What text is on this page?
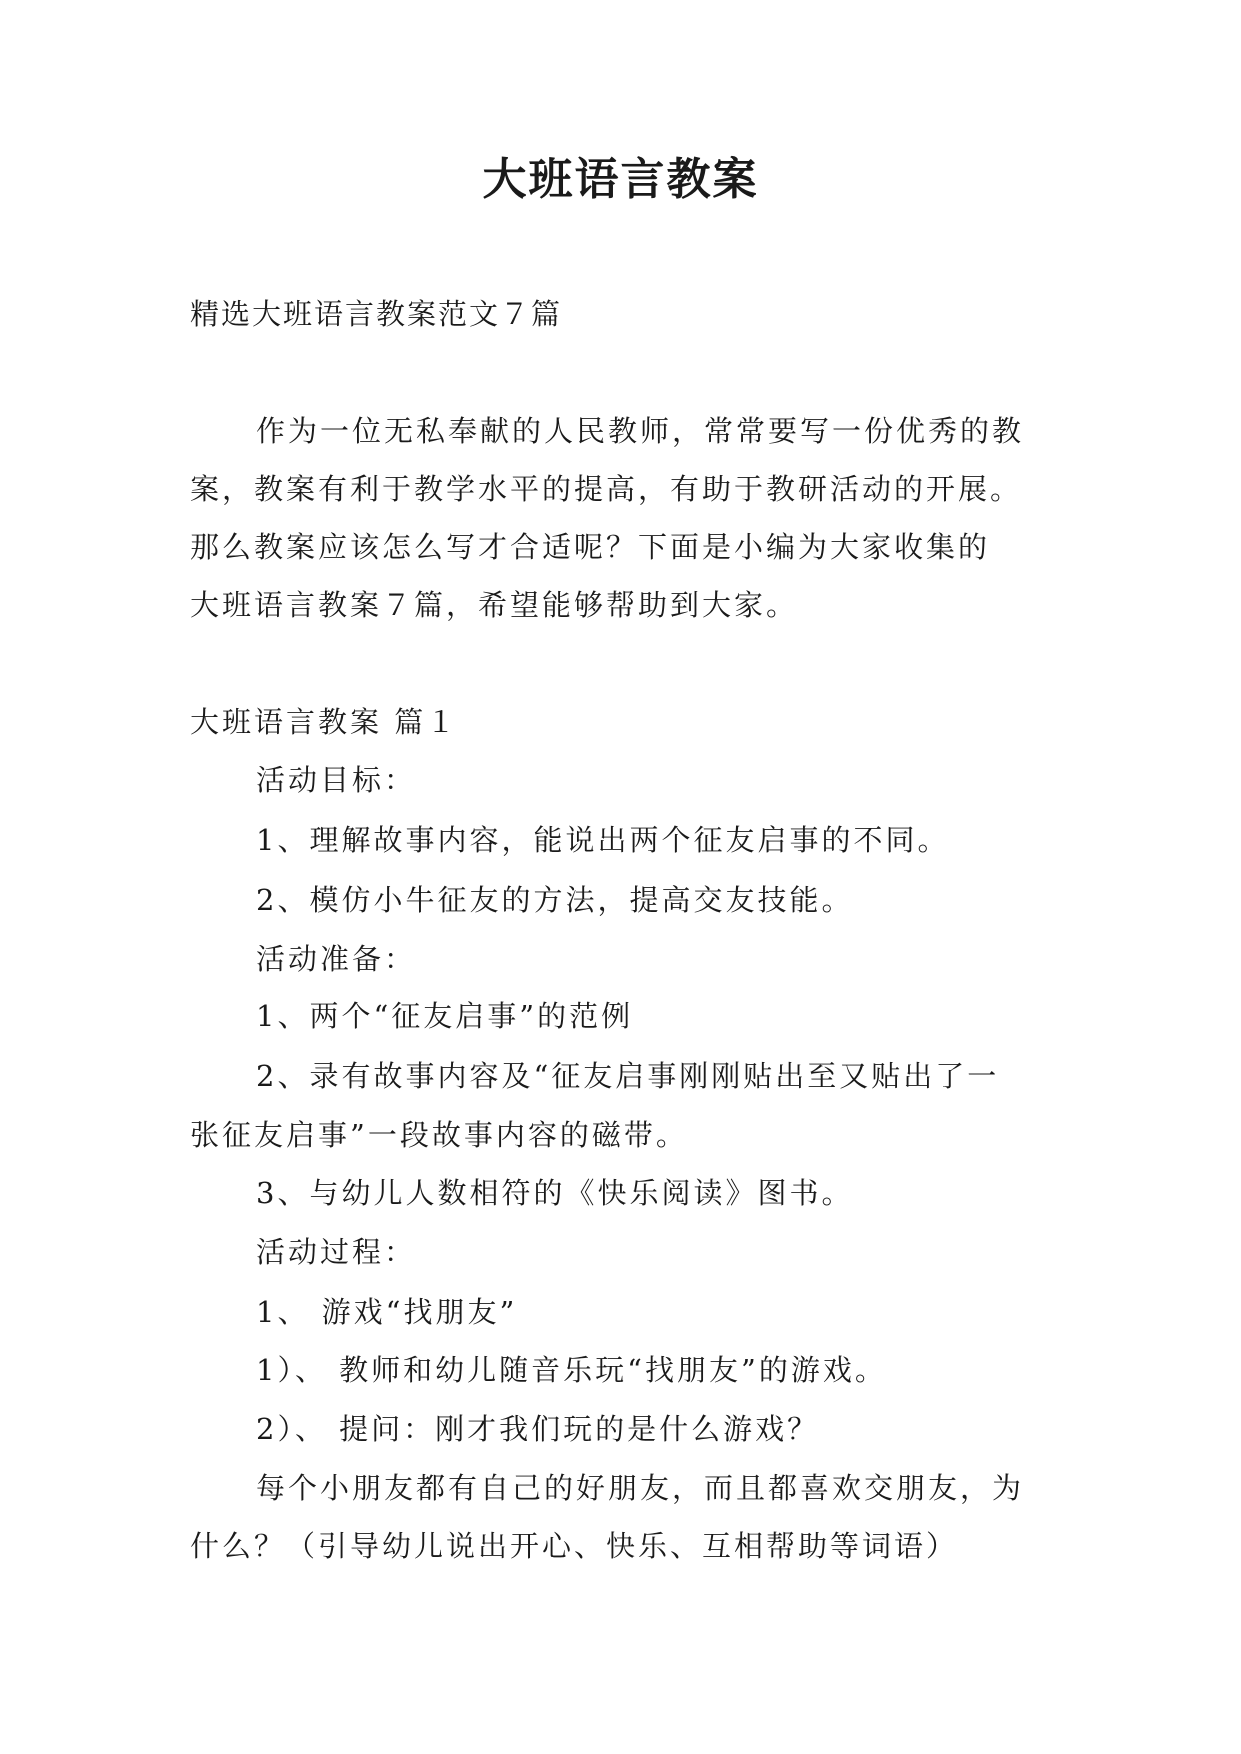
大班语言教案

精选大班语言教案范文７篇

作为一位无私奉献的人民教师，常常要写一份优秀的教
案，教案有利于教学水平的提高，有助于教研活动的开展。
那么教案应该怎么写才合适呢？下面是小编为大家收集的
大班语言教案７篇，希望能够帮助到大家。

大班语言教案 篇１

活动目标：

1、理解故事内容，能说出两个征友启事的不同。

2、模仿小牛征友的方法，提高交友技能。

活动准备：

1、两个“征友启事”的范例

2、录有故事内容及“征友启事刚刚贴出至又贴出了一

张征友启事”一段故事内容的磁带。

3、与幼儿人数相符的《快乐阅读》图书。

活动过程：

1、 游戏“找朋友”

1）、 教师和幼儿随音乐玩“找朋友”的游戏。

2）、 提问：刚才我们玩的是什么游戏？

每个小朋友都有自己的好朋友，而且都喜欢交朋友，为

什么？（引导幼儿说出开心、快乐、互相帮助等词语）
